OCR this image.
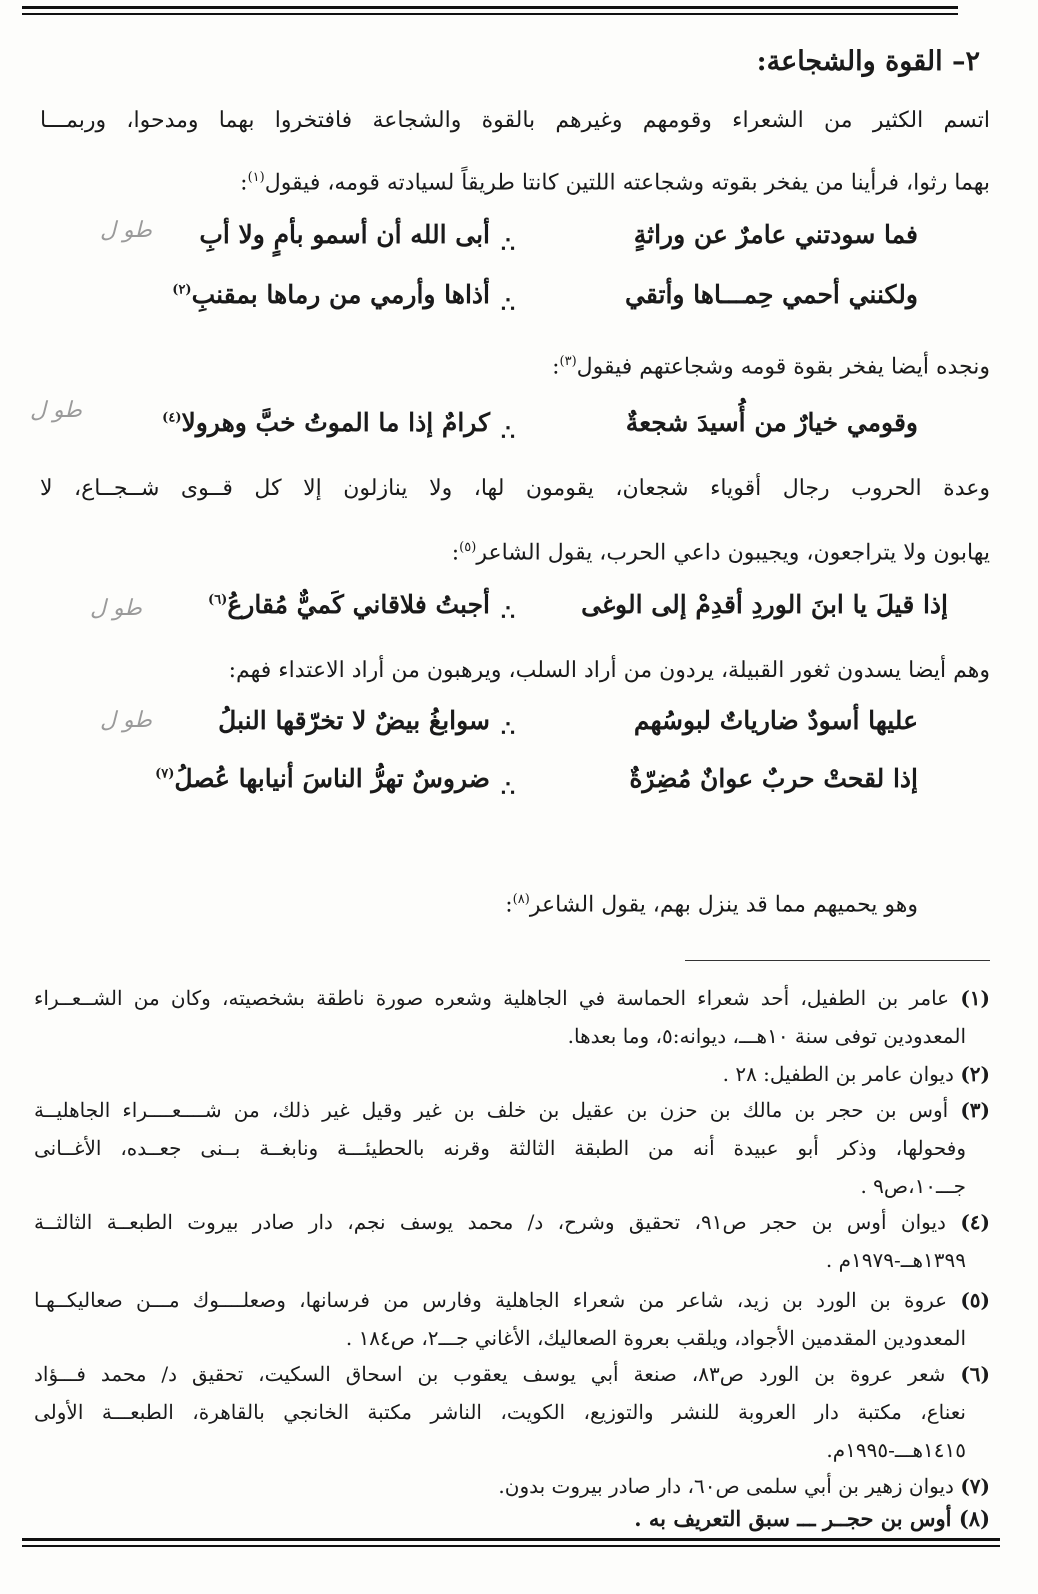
٢– القوة والشجاعة:
اتسم الكثير من الشعراء وقومهم وغيرهم بالقوة والشجاعة فافتخروا بهما ومدحوا، وربمـــا
بهما رثوا، فرأينا من يفخر بقوته وشجاعته اللتين كانتا طريقاً لسيادته قومه، فيقول$^{(١)}$:
فما سودتني عامرٌ عن وراثةٍ
∴
أبى الله أن أسمو بأمٍ ولا أبِ
طو ل
ولكنني أحمي حِمـــاها وأتقي
∴
أذاها وأرمي من رماها بمقنبِ$^{(٢)}$
ونجده أيضا يفخر بقوة قومه وشجاعتهم فيقول$^{(٣)}$:
وقومي خيارٌ من أُسيدَ شجعةٌ
∴
كرامٌ إذا ما الموتُ خبَّ وهرولا$^{(٤)}$
طو ل
وعدة الحروب رجال أقوياء شجعان، يقومون لها، ولا ينازلون إلا كل قــوى شــجــاع، لا
يهابون ولا يتراجعون، ويجيبون داعي الحرب، يقول الشاعر$^{(٥)}$:
إذا قيلَ يا ابنَ الوردِ أقدِمْ إلى الوغى
∴
أجبتُ فلاقاني كَميٌّ مُقارعُ$^{(٦)}$
طو ل
وهم أيضا يسدون ثغور القبيلة، يردون من أراد السلب، ويرهبون من أراد الاعتداء فهم:
عليها أسودٌ ضارياتٌ لبوسُهم
∴
سوابغُ بيضٌ لا تخرّقها النبلُ
طو ل
إذا لقحتْ حربٌ عوانٌ مُضِرّةٌ
∴
ضروسٌ تهرُّ الناسَ أنيابها عُصلُ$^{(٧)}$
وهو يحميهم مما قد ينزل بهم، يقول الشاعر$^{(٨)}$:
(١) عامر بن الطفيل، أحد شعراء الحماسة في الجاهلية وشعره صورة ناطقة بشخصيته، وكان من الشــعــراء
المعدودين توفى سنة ١٠هـــ، ديوانه:٥، وما بعدها.
(٢) ديوان عامر بن الطفيل: ٢٨ .
(٣) أوس بن حجر بن مالك بن حزن بن عقيل بن خلف بن غير وقيل غير ذلك، من شــــعــــراء الجاهليــة
وفحولها، وذكر أبو عبيدة أنه من الطبقة الثالثة وقرنه بالحطيئـــة ونابغــة بــنى جعــده، الأغــانى
جـــ١٠،ص٩ .
(٤) ديوان أوس بن حجر ص٩١، تحقيق وشرح، د/ محمد يوسف نجم، دار صادر بيروت الطبعــة الثالثــة
١٣٩٩هــ-١٩٧٩م .
(٥) عروة بن الورد بن زيد، شاعر من شعراء الجاهلية وفارس من فرسانها، وصعلــــوك مـــن صعاليكــهـا
المعدودين المقدمين الأجواد، ويلقب بعروة الصعاليك، الأغاني جـــ٢، ص١٨٤ .
(٦) شعر عروة بن الورد ص٨٣، صنعة أبي يوسف يعقوب بن اسحاق السكيت، تحقيق د/ محمد فـــؤاد
نعناع، مكتبة دار العروبة للنشر والتوزيع، الكويت، الناشر مكتبة الخانجي بالقاهرة، الطبعـــة الأولى
١٤١٥هـــ-١٩٩٥م.
(٧) ديوان زهير بن أبي سلمى ص٦٠، دار صادر بيروت بدون.
(٨) أوس بن حجــر ـــ سبق التعريف به .
